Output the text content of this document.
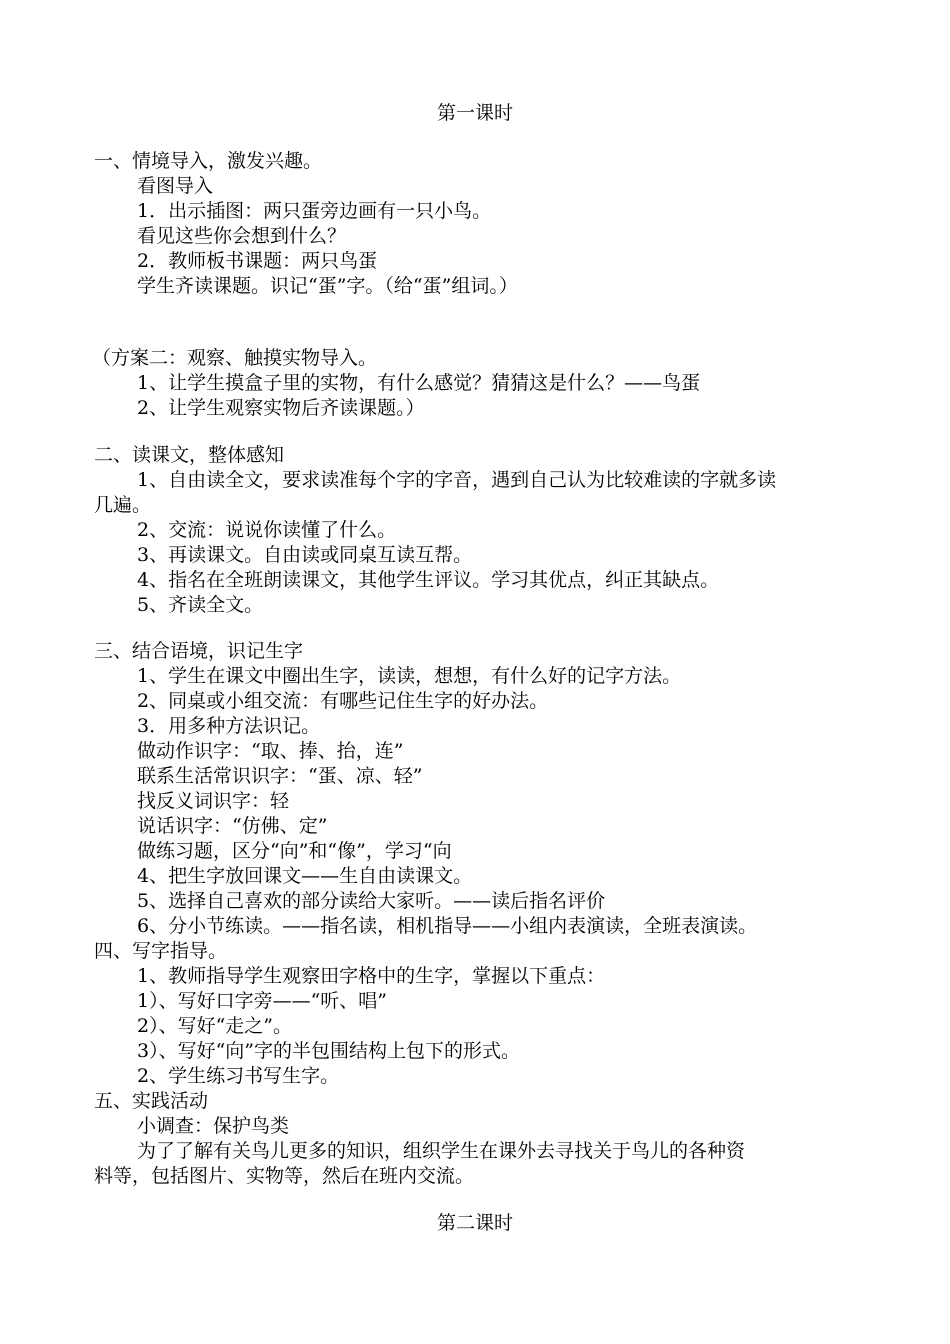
第一课时
一、情境导入，激发兴趣。
看图导入
1．出示插图：两只蛋旁边画有一只小鸟。
看见这些你会想到什么？
2．教师板书课题：两只鸟蛋
学生齐读课题。识记“蛋”字。（给“蛋”组词。）
（方案二：观察、触摸实物导入。
1、让学生摸盒子里的实物，有什么感觉？猜猜这是什么？——鸟蛋
2、让学生观察实物后齐读课题。）
二、读课文，整体感知
1、自由读全文，要求读准每个字的字音，遇到自己认为比较难读的字就多读
几遍。
2、交流：说说你读懂了什么。
3、再读课文。自由读或同桌互读互帮。
4、指名在全班朗读课文，其他学生评议。学习其优点，纠正其缺点。
5、齐读全文。
三、结合语境，识记生字
1、学生在课文中圈出生字，读读，想想，有什么好的记字方法。
2、同桌或小组交流：有哪些记住生字的好办法。
3．用多种方法识记。
做动作识字：“取、捧、抬，连”
联系生活常识识字：“蛋、凉、轻”
找反义词识字：轻
说话识字：“仿佛、定”
做练习题，区分“向”和“像”，学习“向
4、把生字放回课文——生自由读课文。
5、选择自己喜欢的部分读给大家听。——读后指名评价
6、分小节练读。——指名读，相机指导——小组内表演读，全班表演读。
四、写字指导。
1、教师指导学生观察田字格中的生字，掌握以下重点：
1）、写好口字旁——“听、唱”
2）、写好“走之”。
3）、写好“向”字的半包围结构上包下的形式。
2、学生练习书写生字。
五、实践活动
小调查：保护鸟类
为了了解有关鸟儿更多的知识，组织学生在课外去寻找关于鸟儿的各种资
料等，包括图片、实物等，然后在班内交流。
第二课时
